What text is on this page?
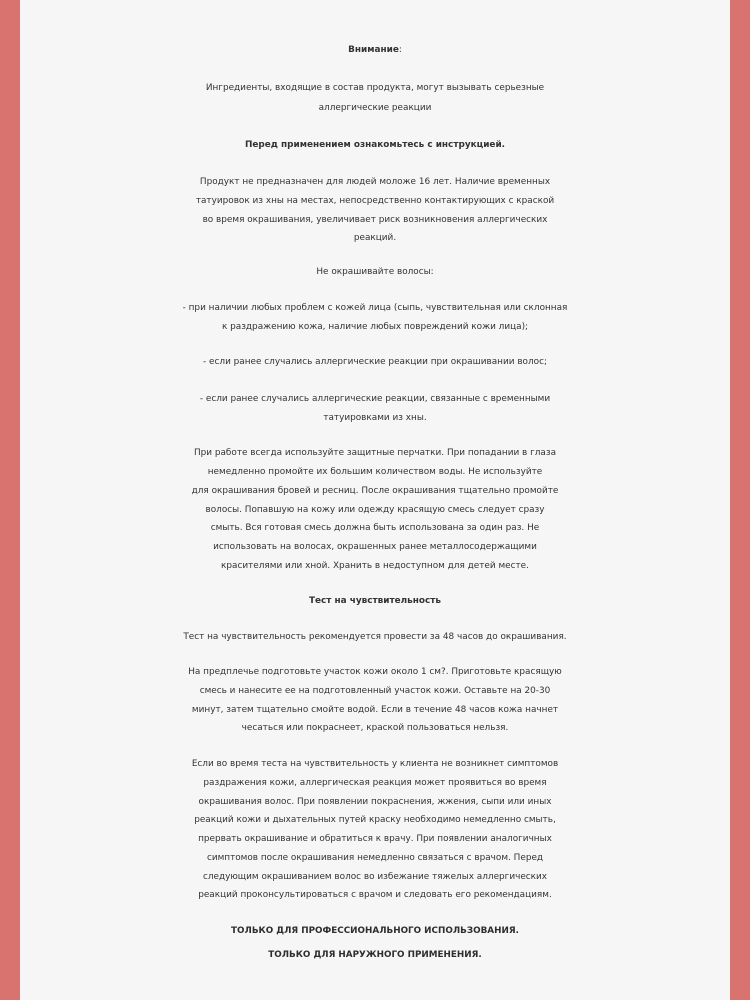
Внимание:
Ингредиенты, входящие в состав продукта, могут вызывать серьезные
аллергические реакции
Перед применением ознакомьтесь с инструкцией.
Продукт не предназначен для людей моложе 16 лет. Наличие временных
татуировок из хны на местах, непосредственно контактирующих с краской
во время окрашивания, увеличивает риск возникновения аллергических
реакций.
Не окрашивайте волосы:
- при наличии любых проблем с кожей лица (сыпь, чувствительная или склонная
к раздражению кожа, наличие любых повреждений кожи лица);
- если ранее случались аллергические реакции при окрашивании волос;
- если ранее случались аллергические реакции, связанные с временными
татуировками из хны.
При работе всегда используйте защитные перчатки. При попадании в глаза
немедленно промойте их большим количеством воды. Не используйте
для окрашивания бровей и ресниц. После окрашивания тщательно промойте
волосы. Попавшую на кожу или одежду красящую смесь следует сразу
смыть. Вся готовая смесь должна быть использована за один раз. Не
использовать на волосах, окрашенных ранее металлосодержащими
красителями или хной. Хранить в недоступном для детей месте.
Тест на чувствительность
Тест на чувствительность рекомендуется провести за 48 часов до окрашивания.
На предплечье подготовьте участок кожи около 1 см?. Приготовьте красящую
смесь и нанесите ее на подготовленный участок кожи. Оставьте на 20-30
минут, затем тщательно смойте водой. Если в течение 48 часов кожа начнет
чесаться или покраснеет, краской пользоваться нельзя.
Если во время теста на чувствительность у клиента не возникнет симптомов
раздражения кожи, аллергическая реакция может проявиться во время
окрашивания волос. При появлении покраснения, жжения, сыпи или иных
реакций кожи и дыхательных путей краску необходимо немедленно смыть,
прервать окрашивание и обратиться к врачу. При появлении аналогичных
симптомов после окрашивания немедленно связаться с врачом. Перед
следующим окрашиванием волос во избежание тяжелых аллергических
реакций проконсультироваться с врачом и следовать его рекомендациям.
ТОЛЬКО ДЛЯ ПРОФЕССИОНАЛЬНОГО ИСПОЛЬЗОВАНИЯ.
ТОЛЬКО ДЛЯ НАРУЖНОГО ПРИМЕНЕНИЯ.
